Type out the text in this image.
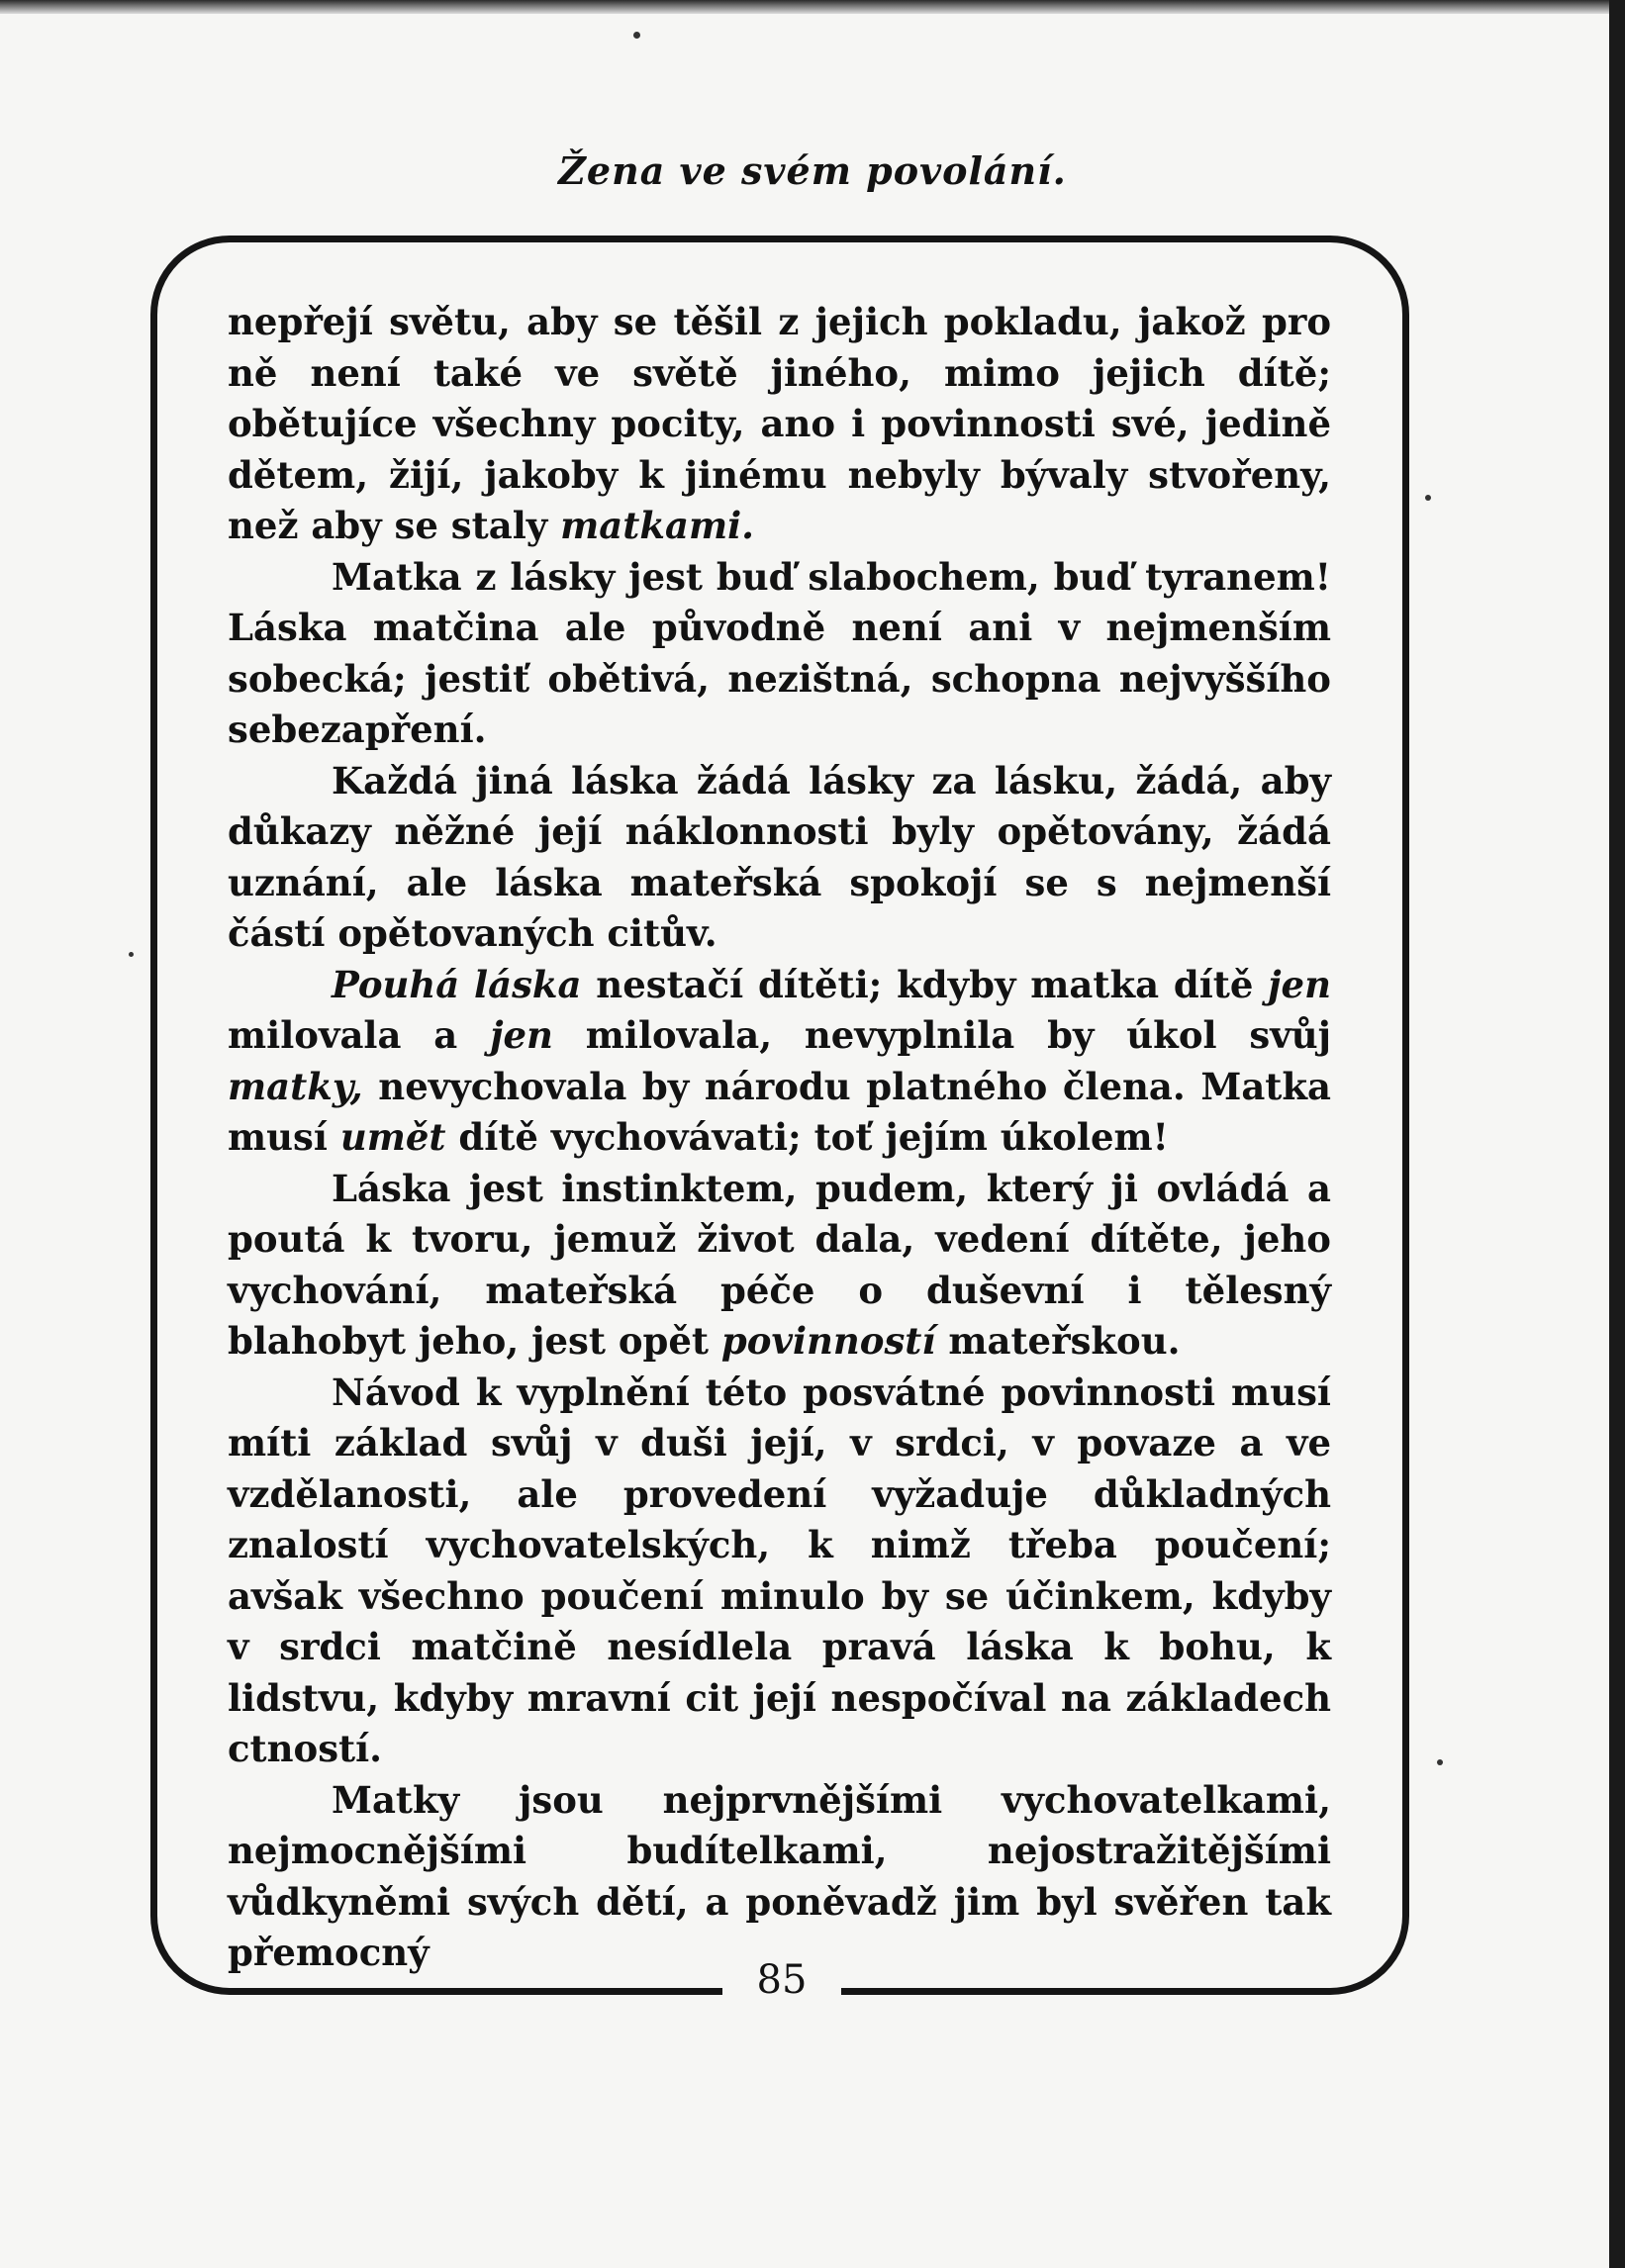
Žena ve svém povolání.

nepřejí světu, aby se těšil z jejich pokladu, jakož pro ně není také ve světě jiného, mimo jejich dítě; obětujíce všechny pocity, ano i povinnosti své, jedině dětem, žijí, jakoby k jinému nebyly bývaly stvořeny, než aby se staly matkami.

Matka z lásky jest buď slabochem, buď tyranem! Láska matčina ale původně není ani v nejmenším sobecká; jestiť obětivá, nezištná, schopna nejvyššího sebezapření.

Každá jiná láska žádá lásky za lásku, žádá, aby důkazy něžné její náklonnosti byly opětovány, žádá uznání, ale láska mateřská spokojí se s nejmenší částí opětovaných citův.

Pouhá láska nestačí dítěti; kdyby matka dítě jen milovala a jen milovala, nevyplnila by úkol svůj matky, nevychovala by národu platného člena. Matka musí umět dítě vychovávati; toť jejím úkolem!

Láska jest instinktem, pudem, který ji ovládá a poutá k tvoru, jemuž život dala, vedení dítěte, jeho vychování, mateřská péče o duševní i tělesný blahobyt jeho, jest opět povinností mateřskou.

Návod k vyplnění této posvátné povinnosti musí míti základ svůj v duši její, v srdci, v povaze a ve vzdělanosti, ale provedení vyžaduje důkladných znalostí vychovatelských, k nimž třeba poučení; avšak všechno poučení minulo by se účinkem, kdyby v srdci matčině nesídlela pravá láska k bohu, k lidstvu, kdyby mravní cit její nespočíval na základech ctností.

Matky jsou nejprvnějšími vychovatelkami, nejmocnějšími budítelkami, nejostražitějšími vůdkyněmi svých dětí, a poněvadž jim byl svěřen tak přemocný

85
